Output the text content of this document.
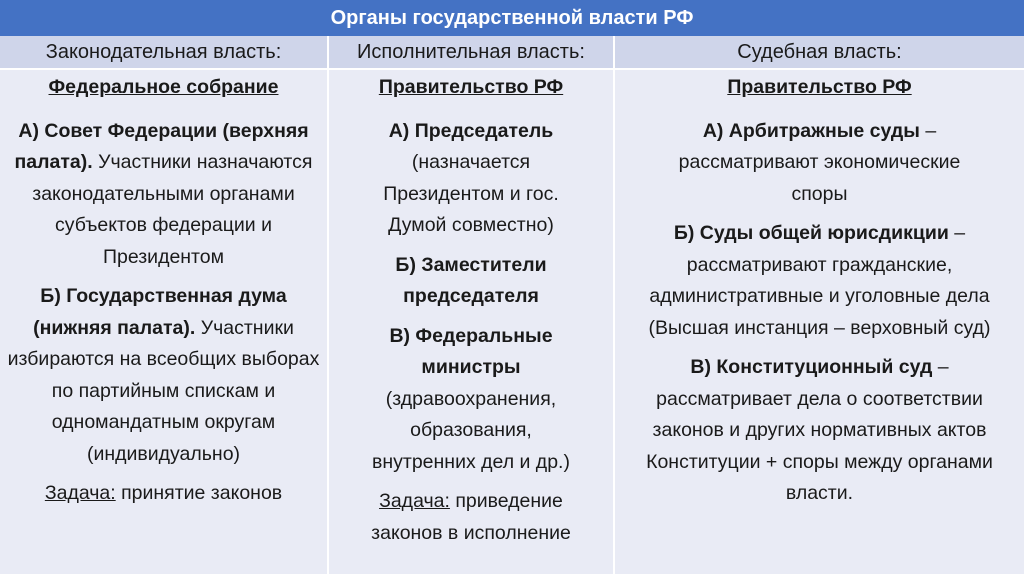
Органы государственной власти РФ
Законодательная власть:	Исполнительная власть:	Судебная власть:
Федеральное собрание
А) Совет Федерации (верхняя палата). Участники назначаются законодательными органами субъектов федерации и Президентом
Б) Государственная дума (нижняя палата). Участники избираются на всеобщих выборах по партийным спискам и одномандатным округам (индивидуально)
Задача: принятие законов
Правительство РФ
А) Председатель (назначается Президентом и гос. Думой совместно)
Б) Заместители председателя
В) Федеральные министры (здравоохранения, образования, внутренних дел и др.)
Задача: приведение законов в исполнение
Правительство РФ
А) Арбитражные суды – рассматривают экономические споры
Б) Суды общей юрисдикции – рассматривают гражданские, административные и уголовные дела (Высшая инстанция – верховный суд)
В) Конституционный суд – рассматривает дела о соответствии законов и других нормативных актов Конституции + споры между органами власти.
